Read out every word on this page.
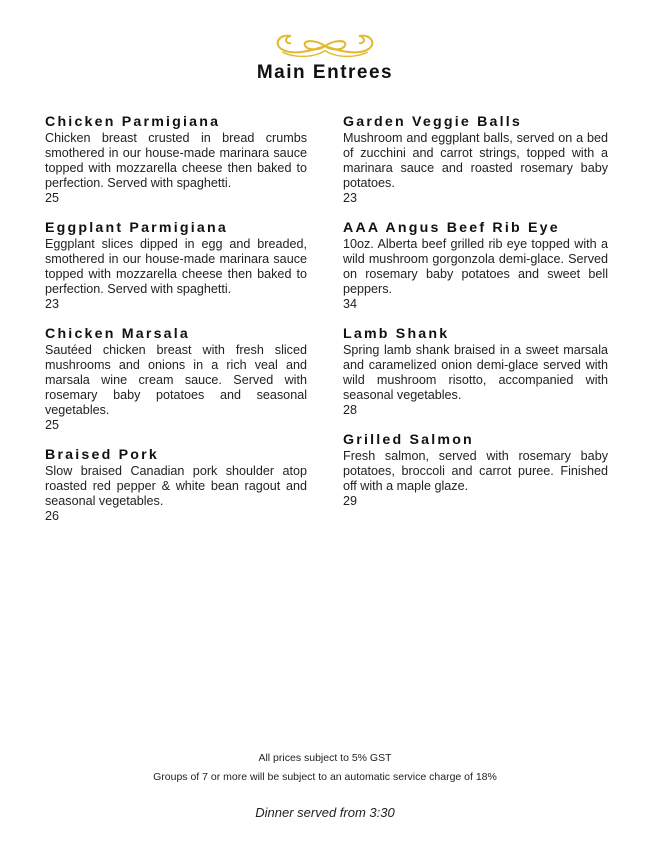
Main Entrees
Chicken Parmigiana
Chicken breast crusted in bread crumbs smothered in our house-made marinara sauce topped with mozzarella cheese then baked to perfection. Served with spaghetti.
25
Eggplant Parmigiana
Eggplant slices dipped in egg and breaded, smothered in our house-made marinara sauce topped with mozzarella cheese then baked to perfection. Served with spaghetti.
23
Chicken Marsala
Sautéed chicken breast with fresh sliced mushrooms and onions in a rich veal and marsala wine cream sauce. Served with rosemary baby potatoes and seasonal vegetables.
25
Braised Pork
Slow braised Canadian pork shoulder atop roasted red pepper & white bean ragout and seasonal vegetables.
26
Garden Veggie Balls
Mushroom and eggplant balls, served on a bed of zucchini and carrot strings, topped with a marinara sauce and roasted rosemary baby potatoes.
23
AAA Angus Beef Rib Eye
10oz. Alberta beef grilled rib eye topped with a wild mushroom gorgonzola demi-glace. Served on rosemary baby potatoes and sweet bell peppers.
34
Lamb Shank
Spring lamb shank braised in a sweet marsala and caramelized onion demi-glace served with wild mushroom risotto, accompanied with seasonal vegetables.
28
Grilled Salmon
Fresh salmon, served with rosemary baby potatoes, broccoli and carrot puree. Finished off with a maple glaze.
29
All prices subject to 5% GST
Groups of 7 or more will be subject to an automatic service charge of 18%
Dinner served from 3:30
